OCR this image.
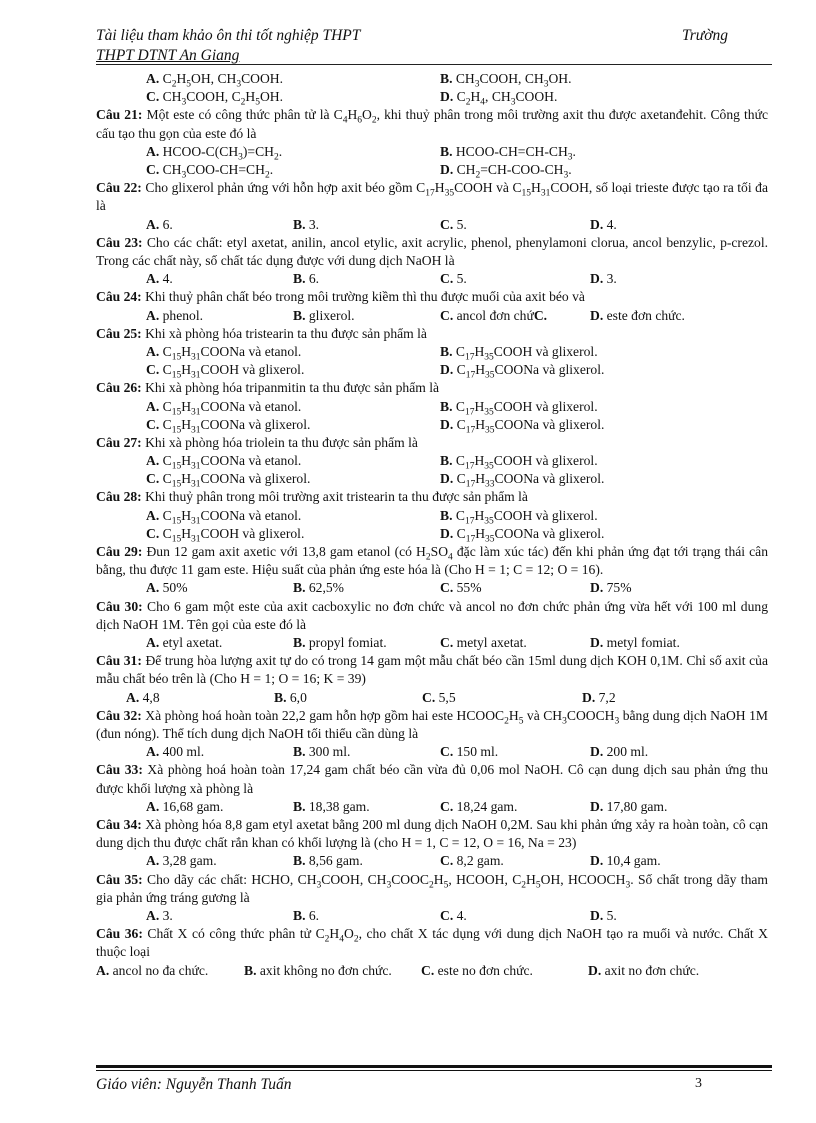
Tài liệu tham khảo ôn thi tốt nghiệp THPT	Trường
THPT DTNT An Giang
A. $C_2H_5OH$, $CH_3COOH$.	B. $CH_3COOH$, $CH_3OH$.
C. $CH_3COOH$, $C_2H_5OH$.	D. $C_2H_4$, $CH_3COOH$.

Câu 21: Một este có công thức phân tử là $C_4H_6O_2$, khi thuỷ phân trong môi trường axit thu được axetanđehit. Công thức cấu tạo thu gọn của este đó là

A. HCOO-$C(CH_3)=CH_2$.	B. HCOO-$CH=CH-CH_3$.
C. $CH_3COO-CH=CH_2$.	D. $CH_2=CH-COO-CH_3$.

Câu 22: Cho glixerol phản ứng với hỗn hợp axit béo gồm $C_{17}H_{35}COOH$ và $C_{15}H_{31}COOH$, số loại trieste được tạo ra tối đa là

A. 6.	B. 3.	C. 5.	D. 4.

Câu 23: Cho các chất: etyl axetat, anilin, ancol etylic, axit acrylic, phenol, phenylamoni clorua, ancol benzylic, p-crezol. Trong các chất này, số chất tác dụng được với dung dịch NaOH là

A. 4.	B. 6.	C. 5.	D. 3.

Câu 24: Khi thuỷ phân chất béo trong môi trường kiềm thì thu được muối của axit béo và

A. phenol.	B. glixerol.	C. ancol đơn chứC.	D. este đơn chức.

Câu 25: Khi xà phòng hóa tristearin ta thu được sản phẩm là

A. $C_{15}H_{31}COONa$ và etanol.	B. $C_{17}H_{35}COOH$ và glixerol.
C. $C_{15}H_{31}COOH$ và glixerol.	D. $C_{17}H_{35}COONa$ và glixerol.

Câu 26: Khi xà phòng hóa tripanmitin ta thu được sản phẩm là

A. $C_{15}H_{31}COONa$ và etanol.	B. $C_{17}H_{35}COOH$ và glixerol.
C. $C_{15}H_{31}COONa$ và glixerol.	D. $C_{17}H_{35}COONa$ và glixerol.

Câu 27: Khi xà phòng hóa triolein ta thu được sản phẩm là

A. $C_{15}H_{31}COONa$ và etanol.	B. $C_{17}H_{35}COOH$ và glixerol.
C. $C_{15}H_{31}COONa$ và glixerol.	D. $C_{17}H_{33}COONa$ và glixerol.

Câu 28: Khi thuỷ phân trong môi trường axit tristearin ta thu được sản phẩm là

A. $C_{15}H_{31}COONa$ và etanol.	B. $C_{17}H_{35}COOH$ và glixerol.
C. $C_{15}H_{31}COOH$ và glixerol.	D. $C_{17}H_{35}COONa$ và glixerol.

Câu 29: Đun 12 gam axit axetic với 13,8 gam etanol (có $H_2SO_4$ đặc làm xúc tác) đến khi phản ứng đạt tới trạng thái cân bằng, thu được 11 gam este. Hiệu suất của phản ứng este hóa là (Cho H = 1; C = 12; O = 16).

A. 50%	B. 62,5%	C. 55%	D. 75%

Câu 30: Cho 6 gam một este của axit cacboxylic no đơn chức và ancol no đơn chức phản ứng vừa hết với 100 ml dung dịch NaOH 1M. Tên gọi của este đó là

A. etyl axetat.	B. propyl fomiat.	C. metyl axetat.	D. metyl fomiat.

Câu 31: Để trung hòa lượng axit tự do có trong 14 gam một mẫu chất béo cần 15ml dung dịch KOH 0,1M. Chỉ số axit của mẫu chất béo trên là (Cho H = 1; O = 16; K = 39)

A. 4,8	B. 6,0	C. 5,5	D. 7,2

Câu 32: Xà phòng hoá hoàn toàn 22,2 gam hỗn hợp gồm hai este $HCOOC_2H_5$ và $CH_3COOCH_3$ bằng dung dịch NaOH 1M (đun nóng). Thể tích dung dịch NaOH tối thiểu cần dùng là

A. 400 ml.	B. 300 ml.	C. 150 ml.	D. 200 ml.

Câu 33: Xà phòng hoá hoàn toàn 17,24 gam chất béo cần vừa đủ 0,06 mol NaOH. Cô cạn dung dịch sau phản ứng thu được khối lượng xà phòng là

A. 16,68 gam.	B. 18,38 gam.	C. 18,24 gam.	D. 17,80 gam.

Câu 34: Xà phòng hóa 8,8 gam etyl axetat bằng 200 ml dung dịch NaOH 0,2M. Sau khi phản ứng xảy ra hoàn toàn, cô cạn dung dịch thu được chất rắn khan có khối lượng là (cho H = 1, C = 12, O = 16, Na = 23)

A. 3,28 gam.	B. 8,56 gam.	C. 8,2 gam.	D. 10,4 gam.

Câu 35: Cho dãy các chất: HCHO, $CH_3COOH$, $CH_3COOC_2H_5$, HCOOH, $C_2H_5OH$, $HCOOCH_3$. Số chất trong dãy tham gia phản ứng tráng gương là

A. 3.	B. 6.	C. 4.	D. 5.

Câu 36: Chất X có công thức phân tử $C_2H_4O_2$, cho chất X tác dụng với dung dịch NaOH tạo ra muối và nước. Chất X thuộc loại

A. ancol no đa chức.	B. axit không no đơn chức. C. este no đơn chức.	D. axit no đơn chức.
Giáo viên: Nguyễn Thanh Tuấn	3
